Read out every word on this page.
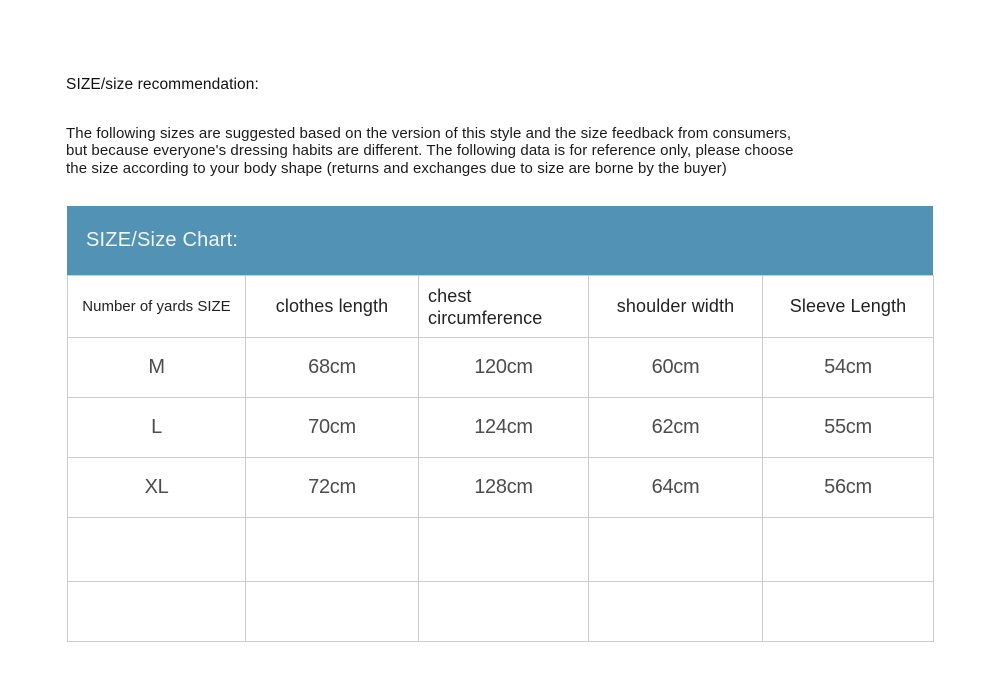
SIZE/size recommendation:
The following sizes are suggested based on the version of this style and the size feedback from consumers,
but because everyone's dressing habits are different. The following data is for reference only, please choose
the size according to your body shape (returns and exchanges due to size are borne by the buyer)
SIZE/Size Chart:
Number of yards SIZE	clothes length	chest circumference	shoulder width	Sleeve Length
M	68cm	120cm	60cm	54cm
L	70cm	124cm	62cm	55cm
XL	72cm	128cm	64cm	56cm
